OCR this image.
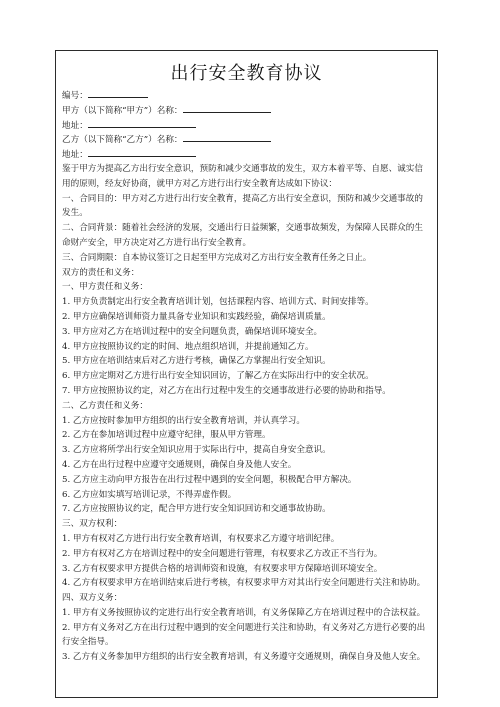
出行安全教育协议
编号：
甲方（以下简称“甲方”）名称：
地址：
乙方（以下简称“乙方”）名称：
地址：
鉴于甲方为提高乙方出行安全意识，预防和减少交通事故的发生，双方本着平等、自愿、诚实信用的原则，经友好协商，就甲方对乙方进行出行安全教育达成如下协议：
一、合同目的：甲方对乙方进行出行安全教育，提高乙方出行安全意识，预防和减少交通事故的发生。
二、合同背景：随着社会经济的发展，交通出行日益频繁，交通事故频发，为保障人民群众的生命财产安全，甲方决定对乙方进行出行安全教育。
三、合同期限：自本协议签订之日起至甲方完成对乙方出行安全教育任务之日止。
双方的责任和义务：
一、甲方责任和义务：
1. 甲方负责制定出行安全教育培训计划，包括课程内容、培训方式、时间安排等。
2. 甲方应确保培训师资力量具备专业知识和实践经验，确保培训质量。
3. 甲方应对乙方在培训过程中的安全问题负责，确保培训环境安全。
4. 甲方应按照协议约定的时间、地点组织培训，并提前通知乙方。
5. 甲方应在培训结束后对乙方进行考核，确保乙方掌握出行安全知识。
6. 甲方应定期对乙方进行出行安全知识回访，了解乙方在实际出行中的安全状况。
7. 甲方应按照协议约定，对乙方在出行过程中发生的交通事故进行必要的协助和指导。
二、乙方责任和义务：
1. 乙方应按时参加甲方组织的出行安全教育培训，并认真学习。
2. 乙方在参加培训过程中应遵守纪律，服从甲方管理。
3. 乙方应将所学出行安全知识应用于实际出行中，提高自身安全意识。
4. 乙方在出行过程中应遵守交通规则，确保自身及他人安全。
5. 乙方应主动向甲方报告在出行过程中遇到的安全问题，积极配合甲方解决。
6. 乙方应如实填写培训记录，不得弄虚作假。
7. 乙方应按照协议约定，配合甲方进行安全知识回访和交通事故协助。
三、双方权利：
1. 甲方有权对乙方进行出行安全教育培训，有权要求乙方遵守培训纪律。
2. 甲方有权对乙方在培训过程中的安全问题进行管理，有权要求乙方改正不当行为。
3. 乙方有权要求甲方提供合格的培训师资和设施，有权要求甲方保障培训环境安全。
4. 乙方有权要求甲方在培训结束后进行考核，有权要求甲方对其出行安全问题进行关注和协助。
四、双方义务：
1. 甲方有义务按照协议约定进行出行安全教育培训，有义务保障乙方在培训过程中的合法权益。
2. 甲方有义务对乙方在出行过程中遇到的安全问题进行关注和协助，有义务对乙方进行必要的出行安全指导。
3. 乙方有义务参加甲方组织的出行安全教育培训，有义务遵守交通规则，确保自身及他人安全。
